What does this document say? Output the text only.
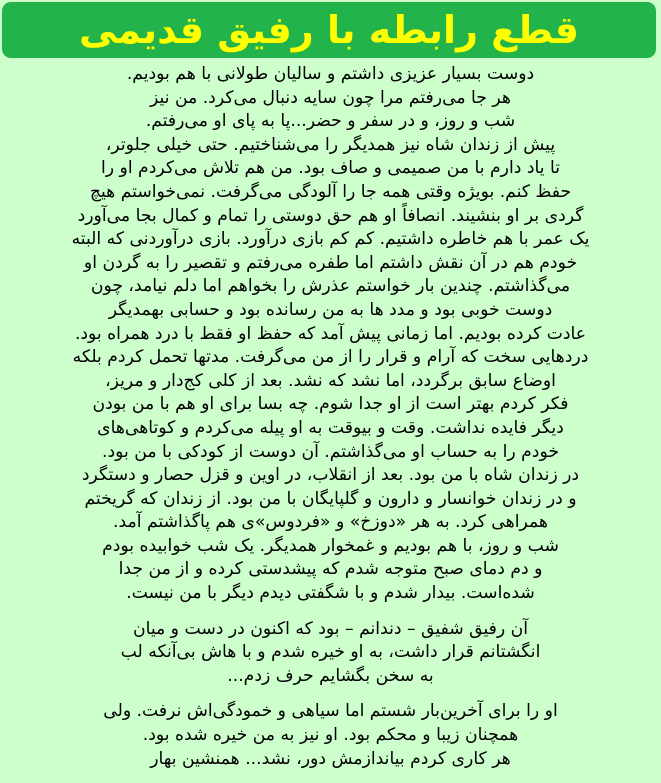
قطع رابطه با رفیق قدیمی

دوست بسیار عزیزی داشتم و سالیان طولانی با هم بودیم.
هر جا می‌رفتم مرا چون سایه دنبال می‌کرد. من نیز
شب و روز، و در سفر و حضر...پا به پای او می‌رفتم.
پیش از زندان شاه نیز همدیگر را می‌شناختیم. حتی خیلی جلوتر،
تا یاد دارم با من صمیمی و صاف بود. من هم تلاش می‌کردم او را
حفظ کنم. بویژه وقتی همه جا را آلودگی می‌گرفت. نمی‌خواستم هیچ
گردی بر او بنشیند. انصافاً او هم حق دوستی را تمام و کمال بجا می‌آورد
یک عمر با هم خاطره داشتیم. کم کم بازی درآورد. بازی درآوردنی که البته
خودم هم در آن نقش داشتم اما طفره می‌رفتم و تقصیر را به گردن او
می‌گذاشتم. چندین بار خواستم عذرش را بخواهم اما دلم نیامد، چون
دوست خوبی بود و مدد ها به من رسانده بود و حسابی بهمدیگر
عادت کرده بودیم. اما زمانی پیش آمد که حفظ او فقط با درد همراه بود.
دردهایی سخت که آرام و قرار را از من می‌گرفت. مدتها تحمل کردم بلکه
اوضاع سابق برگردد، اما نشد که نشد. بعد از کلی کج‌دار و مریز،
فکر کردم بهتر است از او جدا شوم. چه بسا برای او هم با من بودن
دیگر فایده نداشت. وقت و بیوقت به او پیله می‌کردم و کوتاهی‌های
خودم را به حساب او می‌گذاشتم. آن دوست از کودکی با من بود.
در زندان شاه با من بود. بعد از انقلاب، در اوین و قزل حصار و دستگرد
و در زندان خوانسار و دارون و گلپایگان با من بود. از زندان که گریختم
همراهی کرد. به هر «دوزخ» و «فردوس»ی هم پاگذاشتم آمد.
شب و روز، با هم بودیم و غمخوار همدیگر. یک شب خوابیده بودم
و دم دمای صبح متوجه شدم که پیشدستی کرده و از من جدا
شده‌است. بیدار شدم و با شگفتی دیدم دیگر با من نیست.

آن رفیق شفیق – دندانم – بود که اکنون در دست و میان
انگشتانم قرار داشت، به او خیره شدم و با هاش بی‌آنکه لب
به سخن بگشایم حرف زدم...

او را برای آخرین‌بار شستم اما سیاهی و خمودگی‌اش نرفت. ولی
همچنان زیبا و محکم بود. او نیز به من خیره شده بود.
هر کاری کردم بیاندازمش دور، نشد... همنشین بهار
